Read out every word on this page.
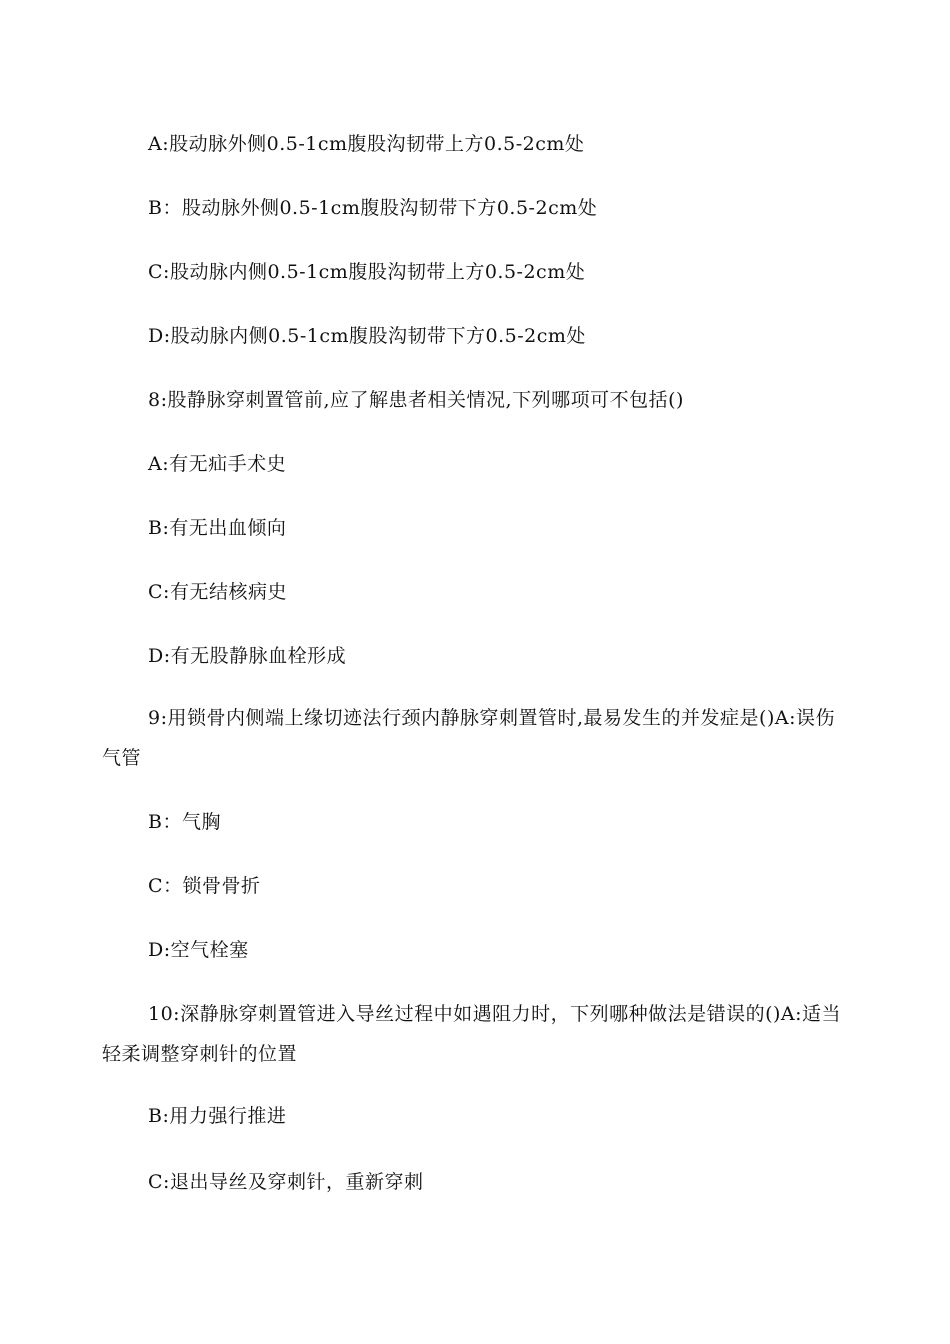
A:股动脉外侧0.5-1cm腹股沟韧带上方0.5-2cm处
B：股动脉外侧0.5-1cm腹股沟韧带下方0.5-2cm处
C:股动脉内侧0.5-1cm腹股沟韧带上方0.5-2cm处
D:股动脉内侧0.5-1cm腹股沟韧带下方0.5-2cm处
8:股静脉穿刺置管前,应了解患者相关情况,下列哪项可不包括()
A:有无疝手术史
B:有无出血倾向
C:有无结核病史
D:有无股静脉血栓形成
9:用锁骨内侧端上缘切迹法行颈内静脉穿刺置管时,最易发生的并发症是()A:误伤气管
B：气胸
C：锁骨骨折
D:空气栓塞
10:深静脉穿刺置管进入导丝过程中如遇阻力时，下列哪种做法是错误的()A:适当轻柔调整穿刺针的位置
B:用力强行推进
C:退出导丝及穿刺针，重新穿刺
